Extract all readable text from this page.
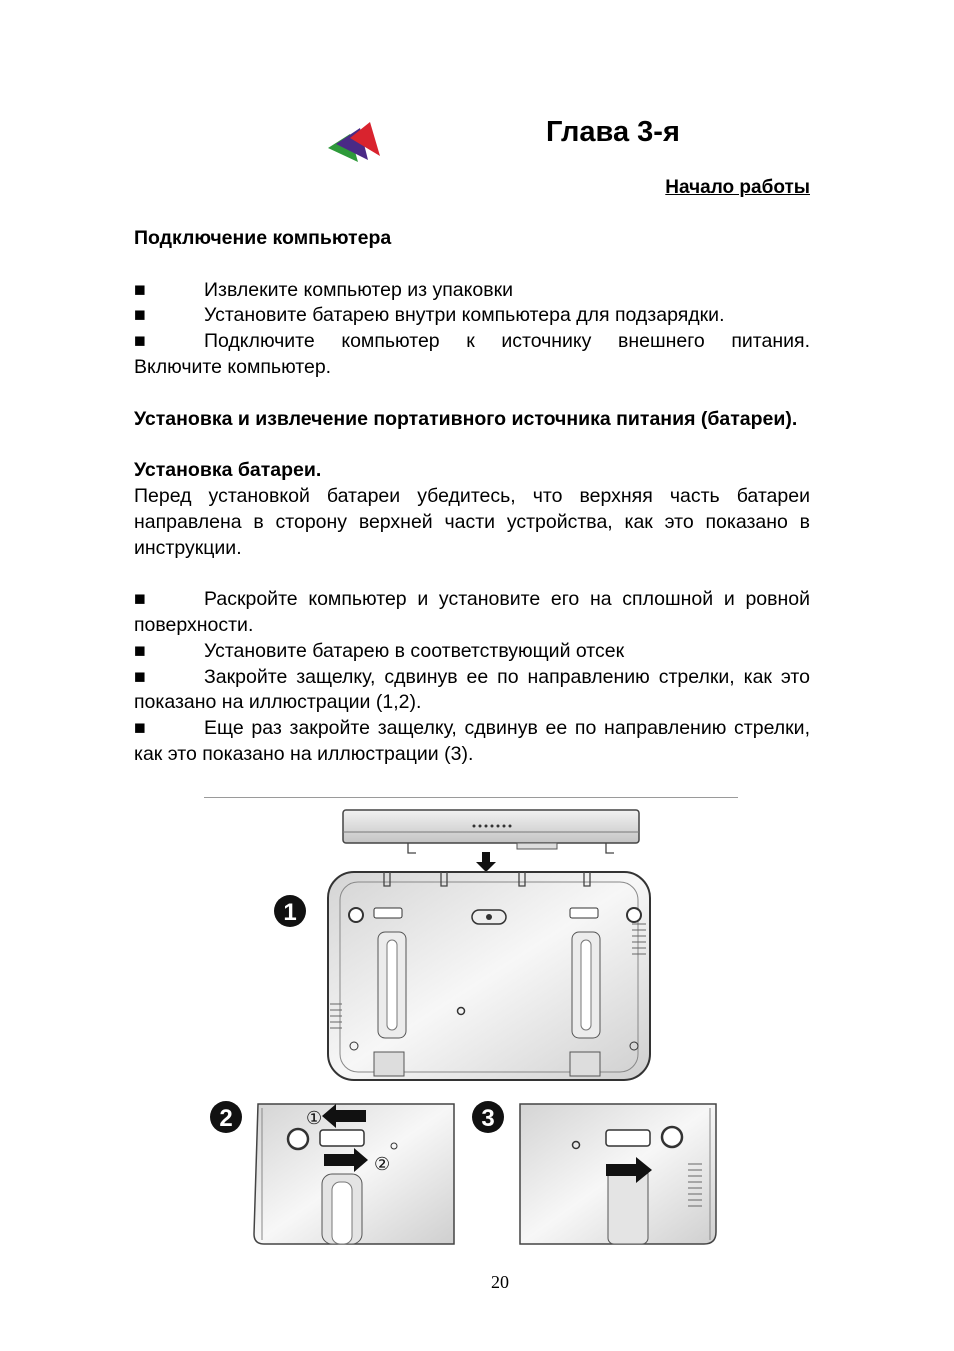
Глава 3-я
Начало работы

Подключение компьютера

■	Извлеките компьютер из упаковки

■	Установите батарею внутри компьютера для подзарядки.

■	Подключите компьютер к источнику внешнего питания.

Включите компьютер.

Установка и извлечение портативного источника питания (батареи).

Установка батареи.

Перед установкой батареи убедитесь, что верхняя часть батареи направлена в сторону верхней части устройства, как это показано в инструкции.

■	Раскройте компьютер и установите его на сплошной и ровной поверхности.

■	Установите батарею в соответствующий отсек

■	Закройте защелку, сдвинув ее по направлению стрелки, как это показано на иллюстрации (1,2).

■	Еще раз закройте защелку, сдвинув ее по направлению стрелки, как это показано на иллюстрации (3).

1
2	①
②
3
20
